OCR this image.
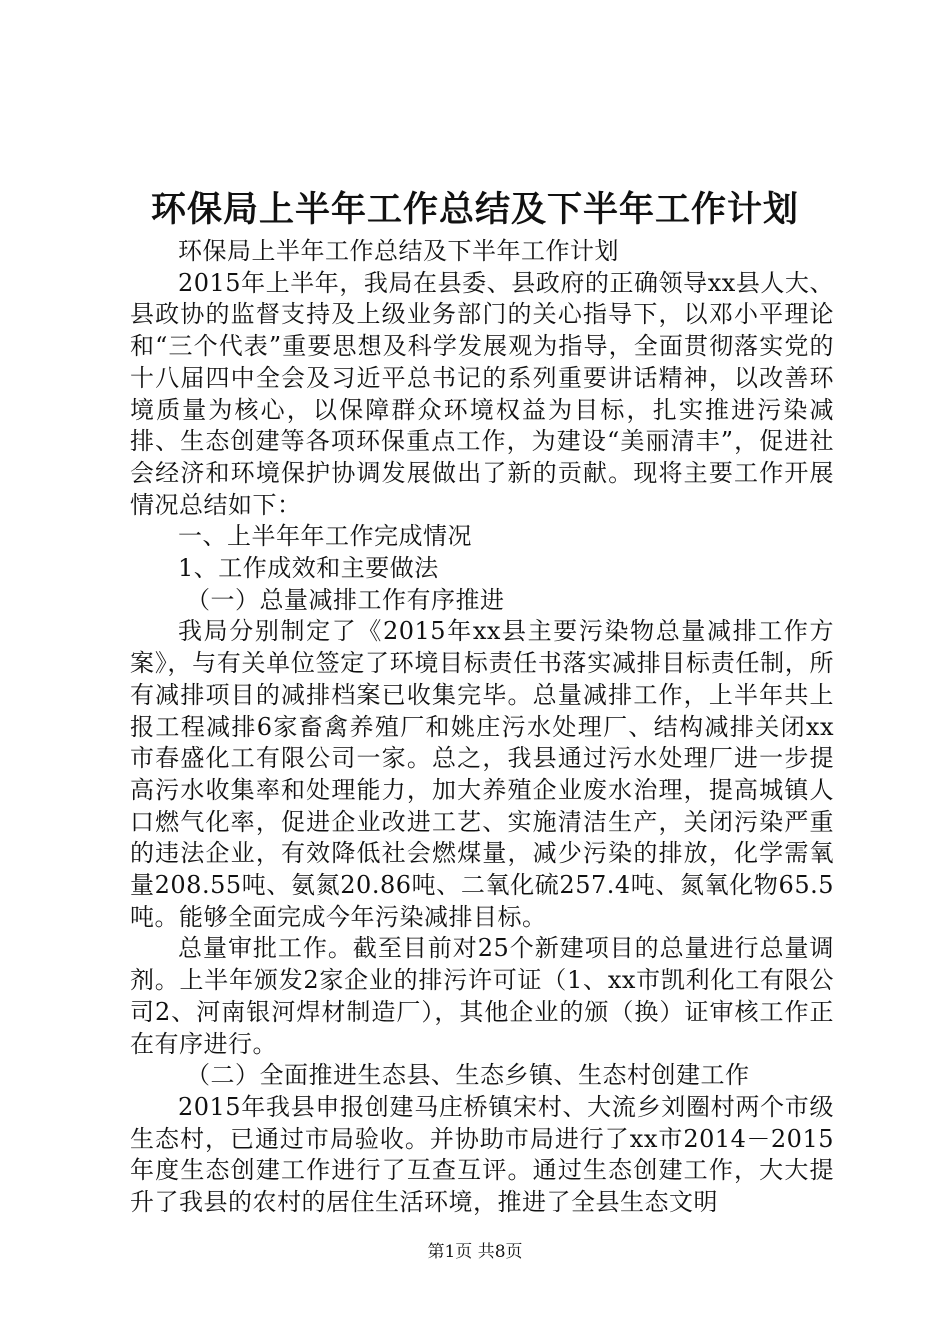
环保局上半年工作总结及下半年工作计划

环保局上半年工作总结及下半年工作计划

2015年上半年，我局在县委、县政府的正确领导xx县人大、县政协的监督支持及上级业务部门的关心指导下，以邓小平理论和“三个代表”重要思想及科学发展观为指导，全面贯彻落实党的十八届四中全会及习近平总书记的系列重要讲话精神，以改善环境质量为核心，以保障群众环境权益为目标，扎实推进污染减排、生态创建等各项环保重点工作，为建设“美丽清丰”，促进社会经济和环境保护协调发展做出了新的贡献。现将主要工作开展情况总结如下：

一、上半年年工作完成情况

1、工作成效和主要做法

（一）总量减排工作有序推进

我局分别制定了《2015年xx县主要污染物总量减排工作方案》，与有关单位签定了环境目标责任书落实减排目标责任制，所有减排项目的减排档案已收集完毕。总量减排工作，上半年共上报工程减排6家畜禽养殖厂和姚庄污水处理厂、结构减排关闭xx市春盛化工有限公司一家。总之，我县通过污水处理厂进一步提高污水收集率和处理能力，加大养殖企业废水治理，提高城镇人口燃气化率，促进企业改进工艺、实施清洁生产，关闭污染严重的违法企业，有效降低社会燃煤量，减少污染的排放，化学需氧量208.55吨、氨氮20.86吨、二氧化硫257.4吨、氮氧化物65.5吨。能够全面完成今年污染减排目标。

总量审批工作。截至目前对25个新建项目的总量进行总量调剂。上半年颁发2家企业的排污许可证（1、xx市凯利化工有限公司2、河南银河焊材制造厂），其他企业的颁（换）证审核工作正在有序进行。

（二）全面推进生态县、生态乡镇、生态村创建工作

2015年我县申报创建马庄桥镇宋村、大流乡刘圈村两个市级生态村，已通过市局验收。并协助市局进行了xx市2014－2015年度生态创建工作进行了互查互评。通过生态创建工作，大大提升了我县的农村的居住生活环境，推进了全县生态文明

第1页 共8页
